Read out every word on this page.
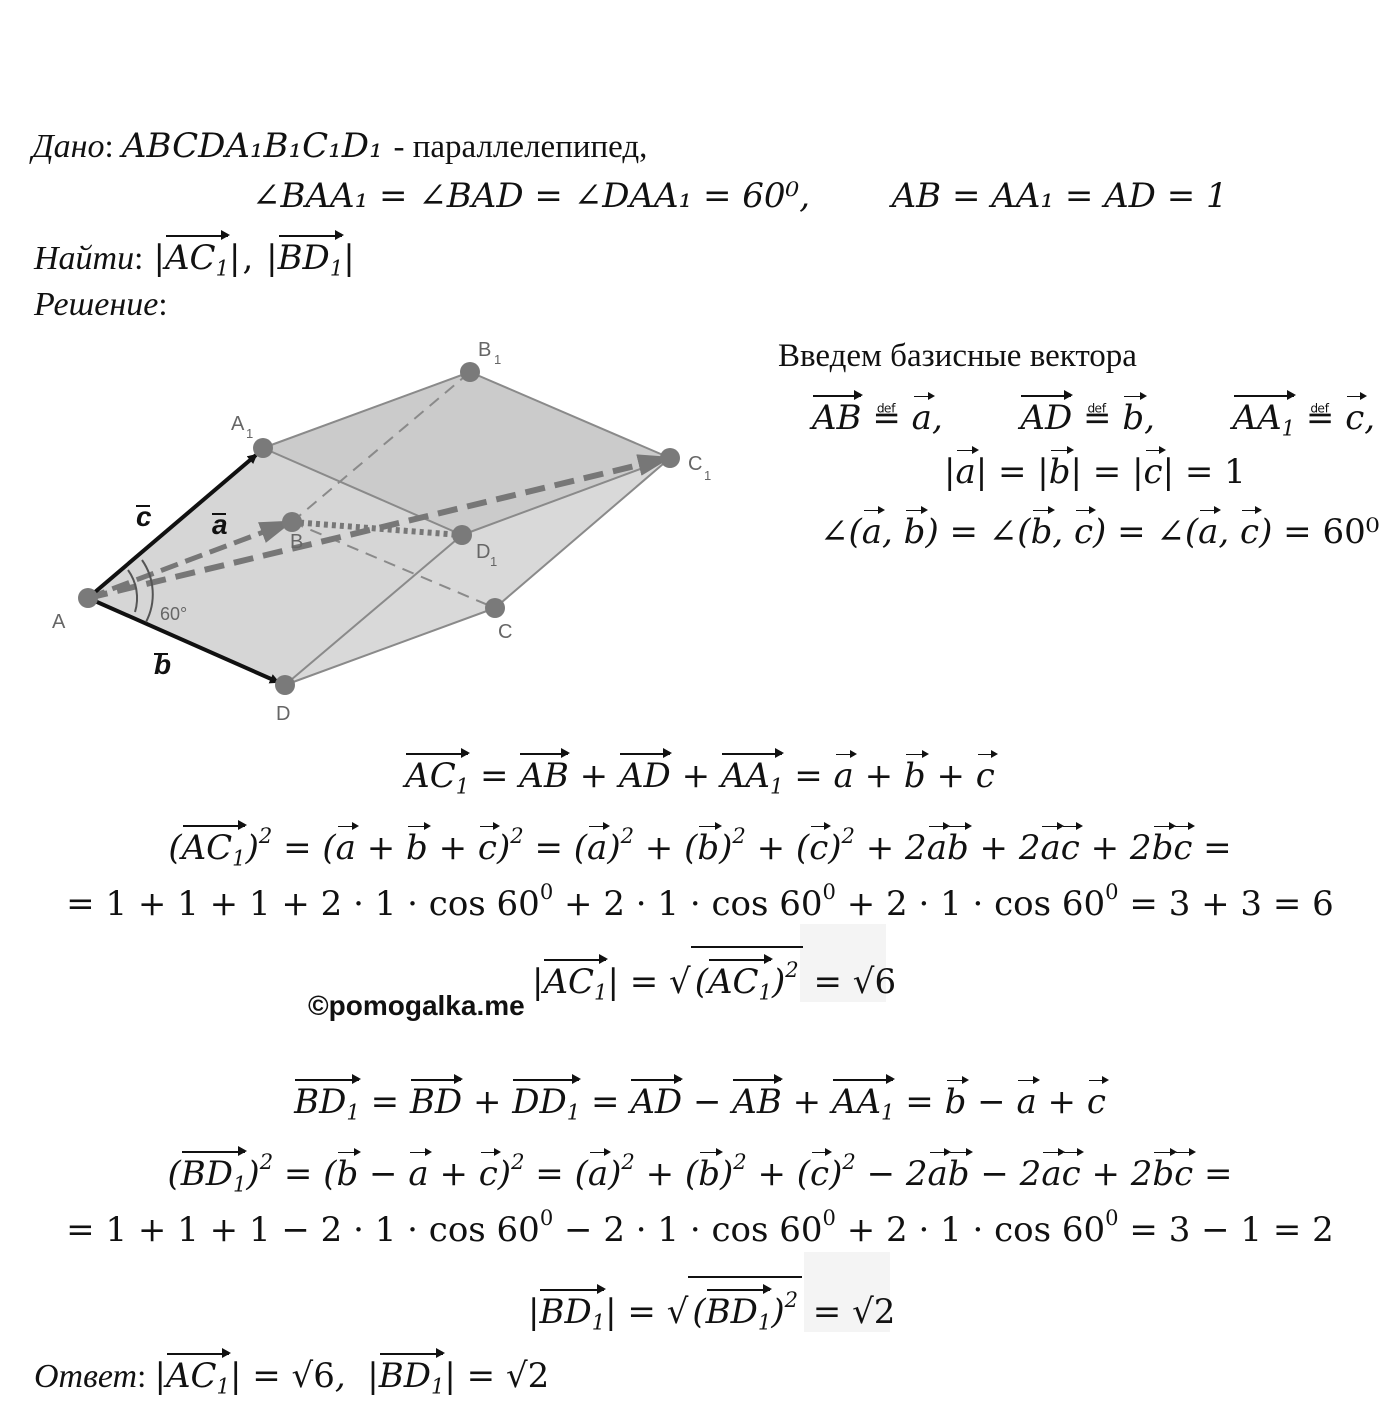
Дано: ABCDA₁B₁C₁D₁ - параллелепипед,
∠BAA₁ = ∠BAD = ∠DAA₁ = 60⁰, AB = AA₁ = AD = 1
Найти: $|AC_1|$, $|BD_1|$
Решение:
A
D
C
B
A 1
B 1
C
1
D 1
60°
c a
b
Введем базисные вектора
AB ≝ a,  AD ≝ b,  $AA_1$ ≝ c,
|a| = |b| = |c| = 1
∠(a, b) = ∠(b, c) = ∠(a, c) = 60⁰
$AC_1$ = AB + AD + $AA_1 = a + b + c$
$(AC_1)^2 = (a + b + c)^2 = (a)^2 + (b)^2 + (c)^2 + 2ab + 2ac + 2bc$ =
= $1 + 1 + 1 + 2 \cdot 1 \cdot \cos 60^0 + 2 \cdot 1 \cdot \cos 60^0 + 2 \cdot 1 \cdot \cos 60^0 = 3 + 3 = 6$
$|AC_1|$ = √ $(AC_1)^2 = √6$
©pomogalka.me
$BD_1$ = BD + $DD_1$ = AD − AB + $AA_1 = b - a + c$
$(BD_1)^2 = (b - a + c)^2 = (a)^2 + (b)^2 + (c)^2 - 2ab - 2ac + 2bc$ =
= $1 + 1 + 1 - 2 \cdot 1 \cdot \cos 60^0 - 2 \cdot 1 \cdot \cos 60^0 + 2 \cdot 1 \cdot \cos 60^0 = 3 - 1 = 2$
$|BD_1|$ = √ $(BD_1)^2 = √2$
Ответ: $|AC_1| = √6$,  $|BD_1| = √2$
